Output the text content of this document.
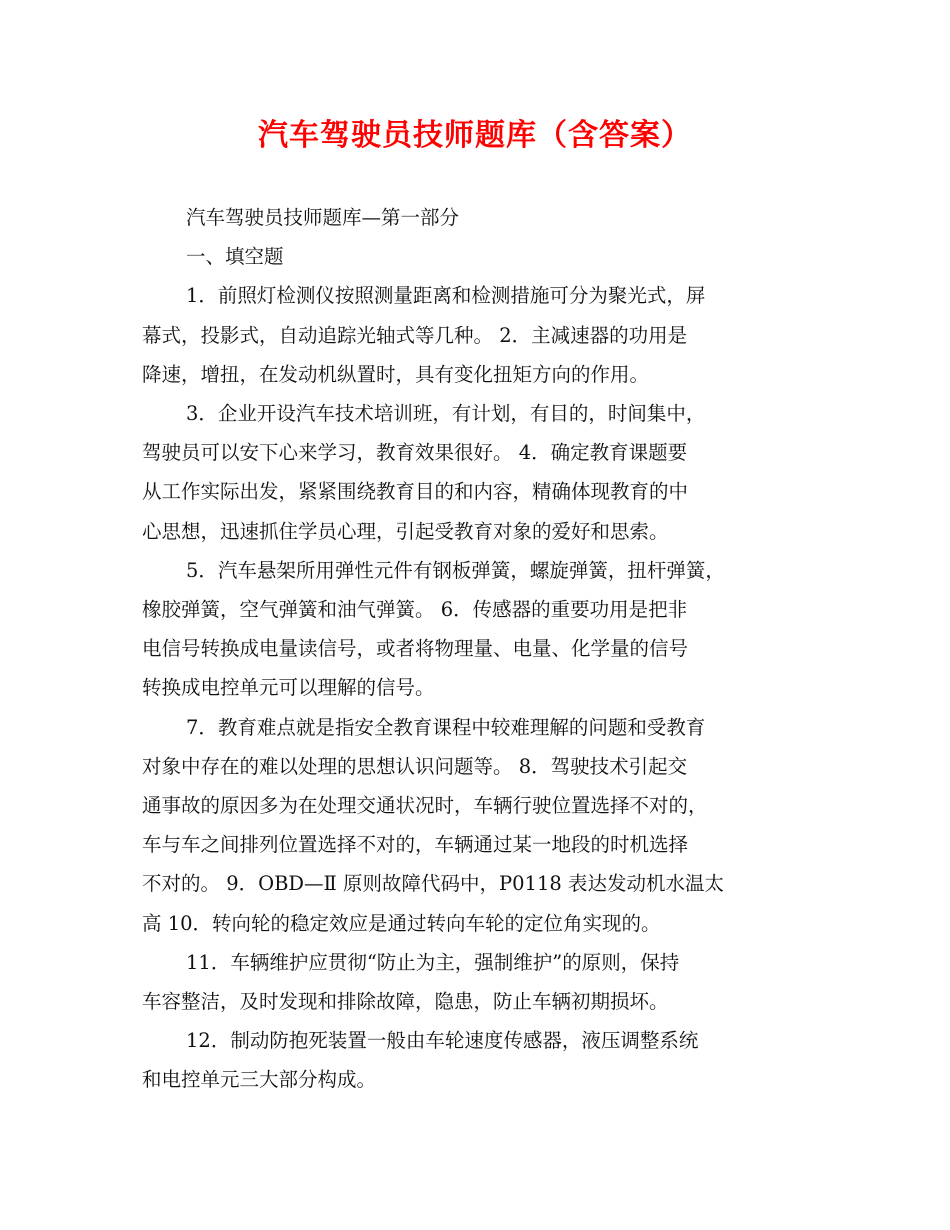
汽车驾驶员技师题库（含答案）
汽车驾驶员技师题库—第一部分
一、填空题
1．前照灯检测仪按照测量距离和检测措施可分为聚光式，屏
幕式，投影式，自动追踪光轴式等几种。 2．主减速器的功用是
降速，增扭，在发动机纵置时，具有变化扭矩方向的作用。
3．企业开设汽车技术培训班，有计划，有目的，时间集中，
驾驶员可以安下心来学习，教育效果很好。 4．确定教育课题要
从工作实际出发，紧紧围绕教育目的和内容，精确体现教育的中
心思想，迅速抓住学员心理，引起受教育对象的爱好和思索。
5．汽车悬架所用弹性元件有钢板弹簧，螺旋弹簧，扭杆弹簧，
橡胶弹簧，空气弹簧和油气弹簧。 6．传感器的重要功用是把非
电信号转换成电量读信号，或者将物理量、电量、化学量的信号
转换成电控单元可以理解的信号。
7．教育难点就是指安全教育课程中较难理解的问题和受教育
对象中存在的难以处理的思想认识问题等。 8．驾驶技术引起交
通事故的原因多为在处理交通状况时，车辆行驶位置选择不对的，
车与车之间排列位置选择不对的，车辆通过某一地段的时机选择
不对的。 9．OBD—Ⅱ 原则故障代码中，P0118 表达发动机水温太
高 10．转向轮的稳定效应是通过转向车轮的定位角实现的。
11．车辆维护应贯彻“防止为主，强制维护”的原则，保持
车容整洁，及时发现和排除故障，隐患，防止车辆初期损坏。
12．制动防抱死装置一般由车轮速度传感器，液压调整系统
和电控单元三大部分构成。
